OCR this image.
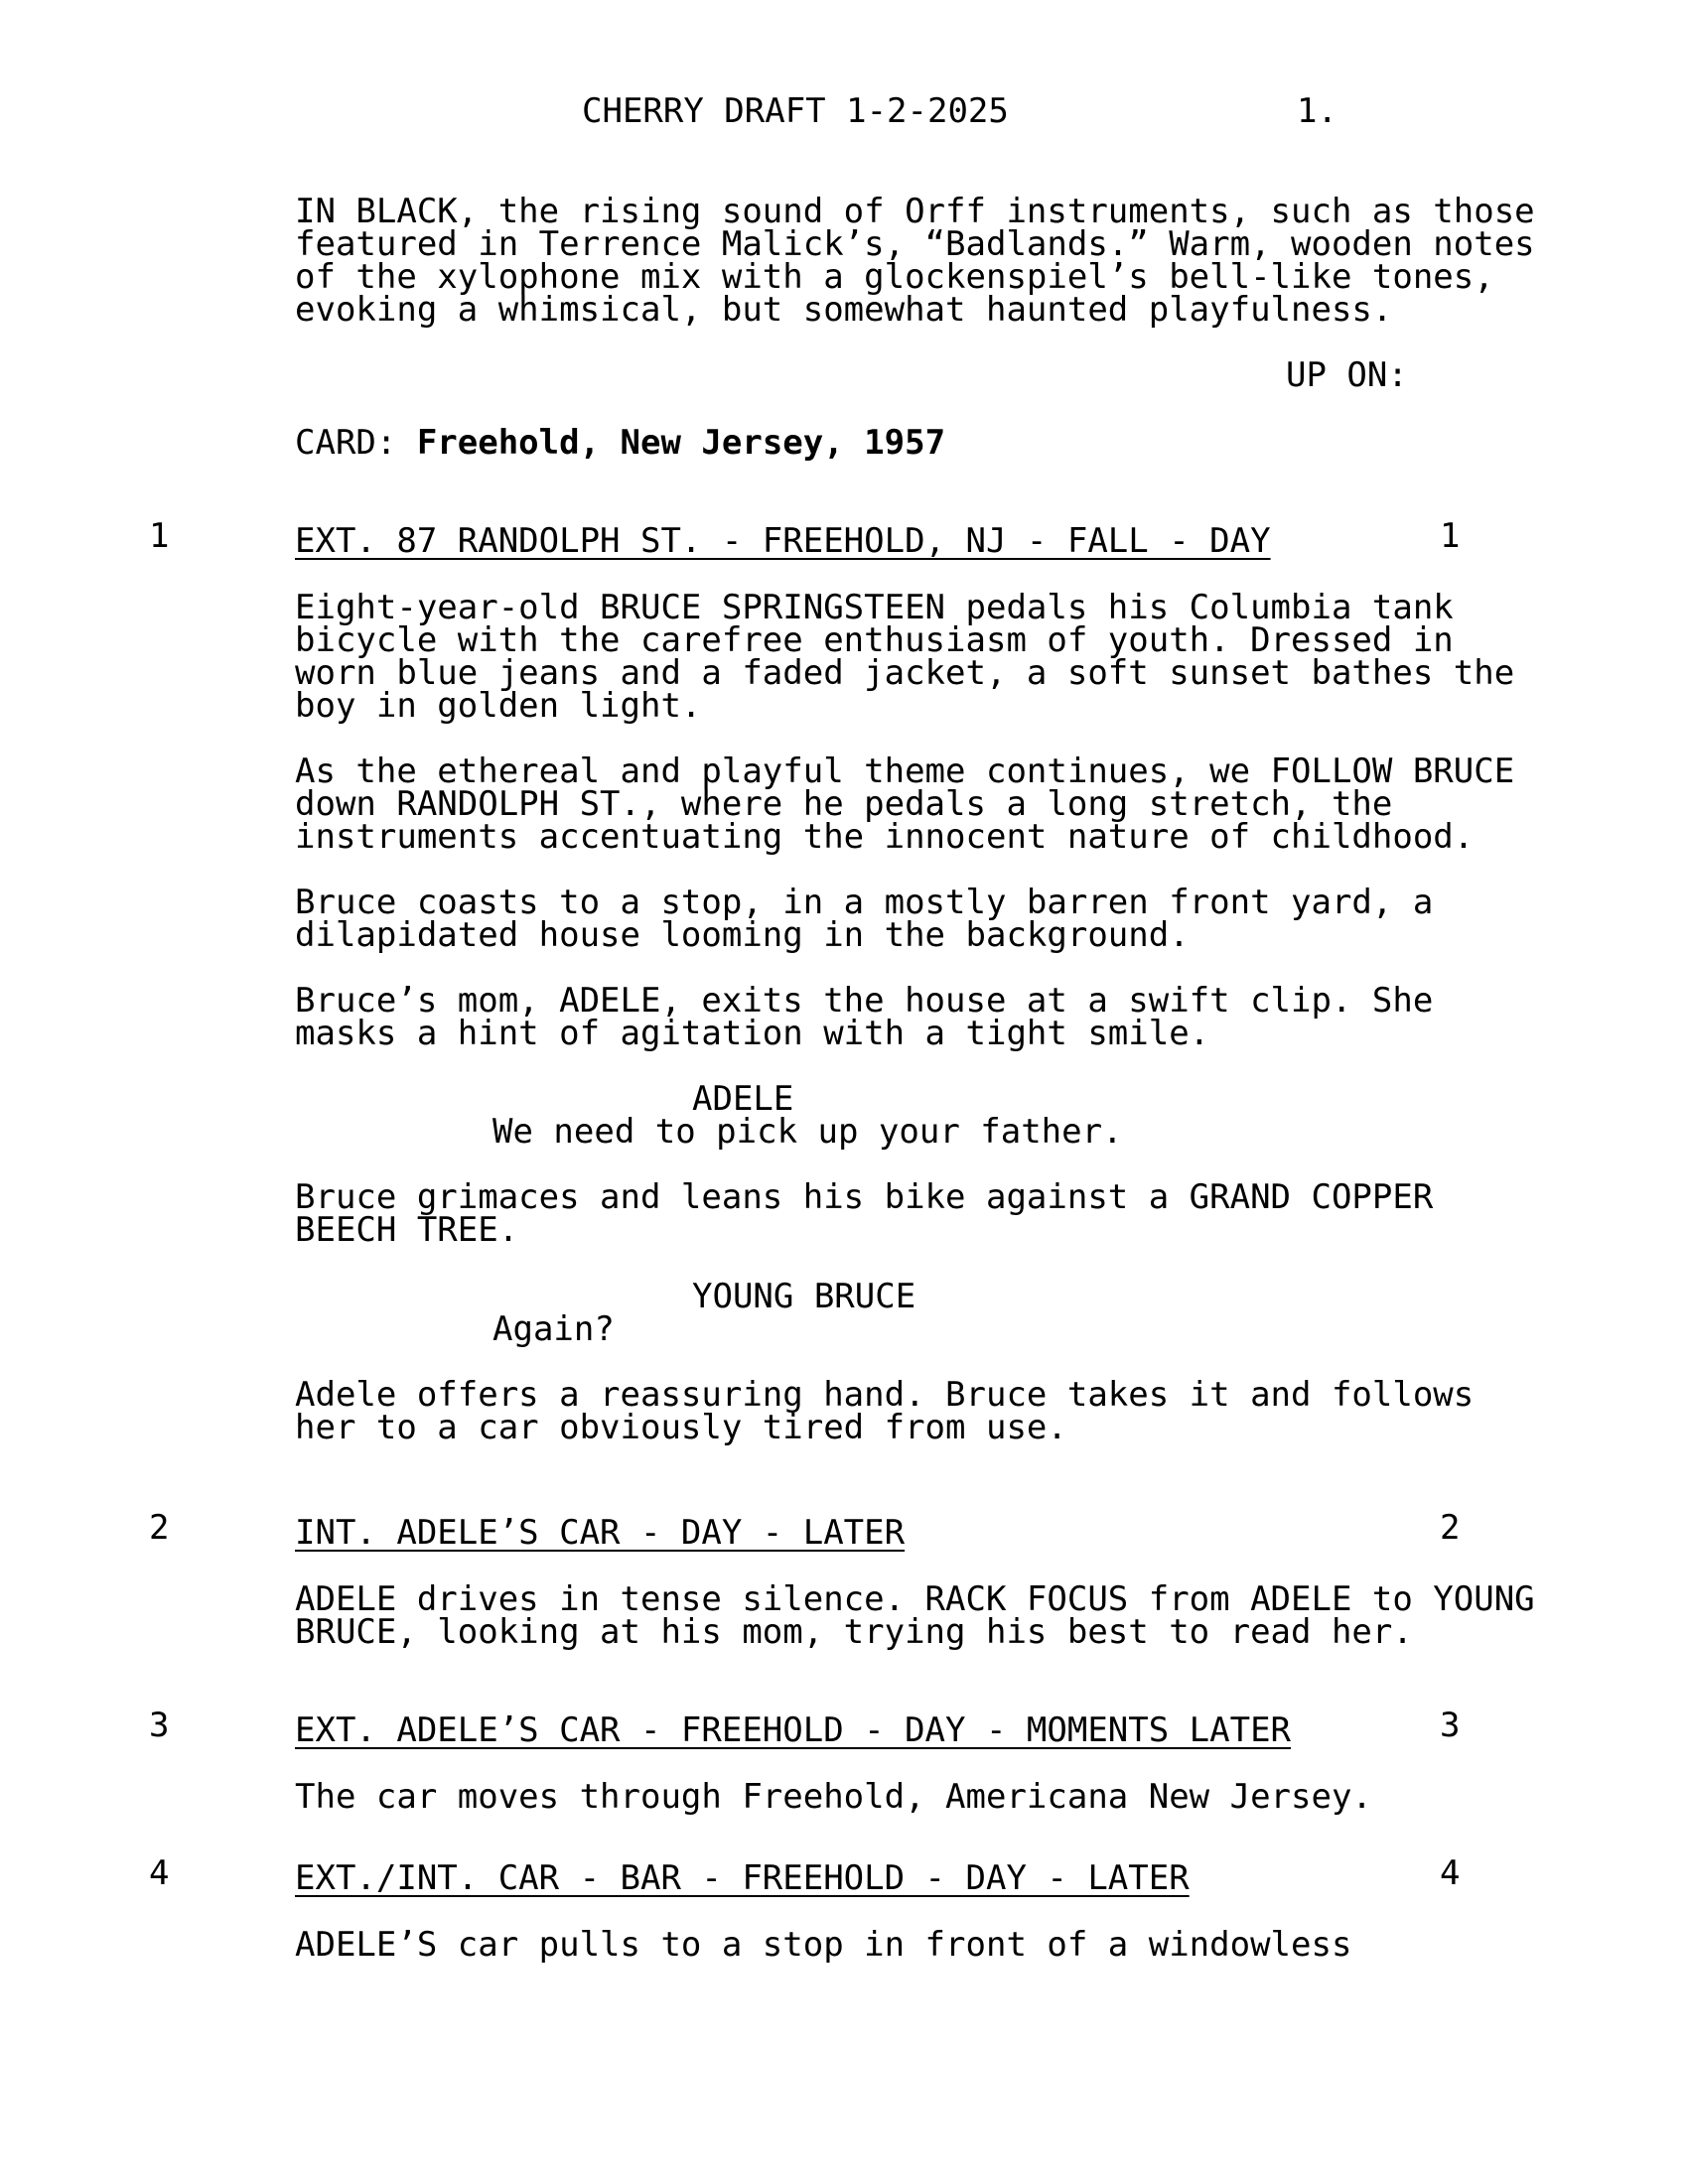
CHERRY DRAFT 1-2-2025	1.
IN BLACK, the rising sound of Orff instruments, such as those
featured in Terrence Malick’s, “Badlands.” Warm, wooden notes
of the xylophone mix with a glockenspiel’s bell-like tones,
evoking a whimsical, but somewhat haunted playfulness.
UP ON:
CARD: Freehold, New Jersey, 1957
1	EXT. 87 RANDOLPH ST. - FREEHOLD, NJ - FALL - DAY	1
Eight-year-old BRUCE SPRINGSTEEN pedals his Columbia tank
bicycle with the carefree enthusiasm of youth. Dressed in
worn blue jeans and a faded jacket, a soft sunset bathes the
boy in golden light.
As the ethereal and playful theme continues, we FOLLOW BRUCE
down RANDOLPH ST., where he pedals a long stretch, the
instruments accentuating the innocent nature of childhood.
Bruce coasts to a stop, in a mostly barren front yard, a
dilapidated house looming in the background.
Bruce’s mom, ADELE, exits the house at a swift clip. She
masks a hint of agitation with a tight smile.
ADELE
We need to pick up your father.
Bruce grimaces and leans his bike against a GRAND COPPER
BEECH TREE.
YOUNG BRUCE
Again?
Adele offers a reassuring hand. Bruce takes it and follows
her to a car obviously tired from use.
2	INT. ADELE’S CAR - DAY - LATER	2
ADELE drives in tense silence. RACK FOCUS from ADELE to YOUNG
BRUCE, looking at his mom, trying his best to read her.
3	EXT. ADELE’S CAR - FREEHOLD - DAY - MOMENTS LATER	3
The car moves through Freehold, Americana New Jersey.
4	EXT./INT. CAR - BAR - FREEHOLD - DAY - LATER	4
ADELE’S car pulls to a stop in front of a windowless
